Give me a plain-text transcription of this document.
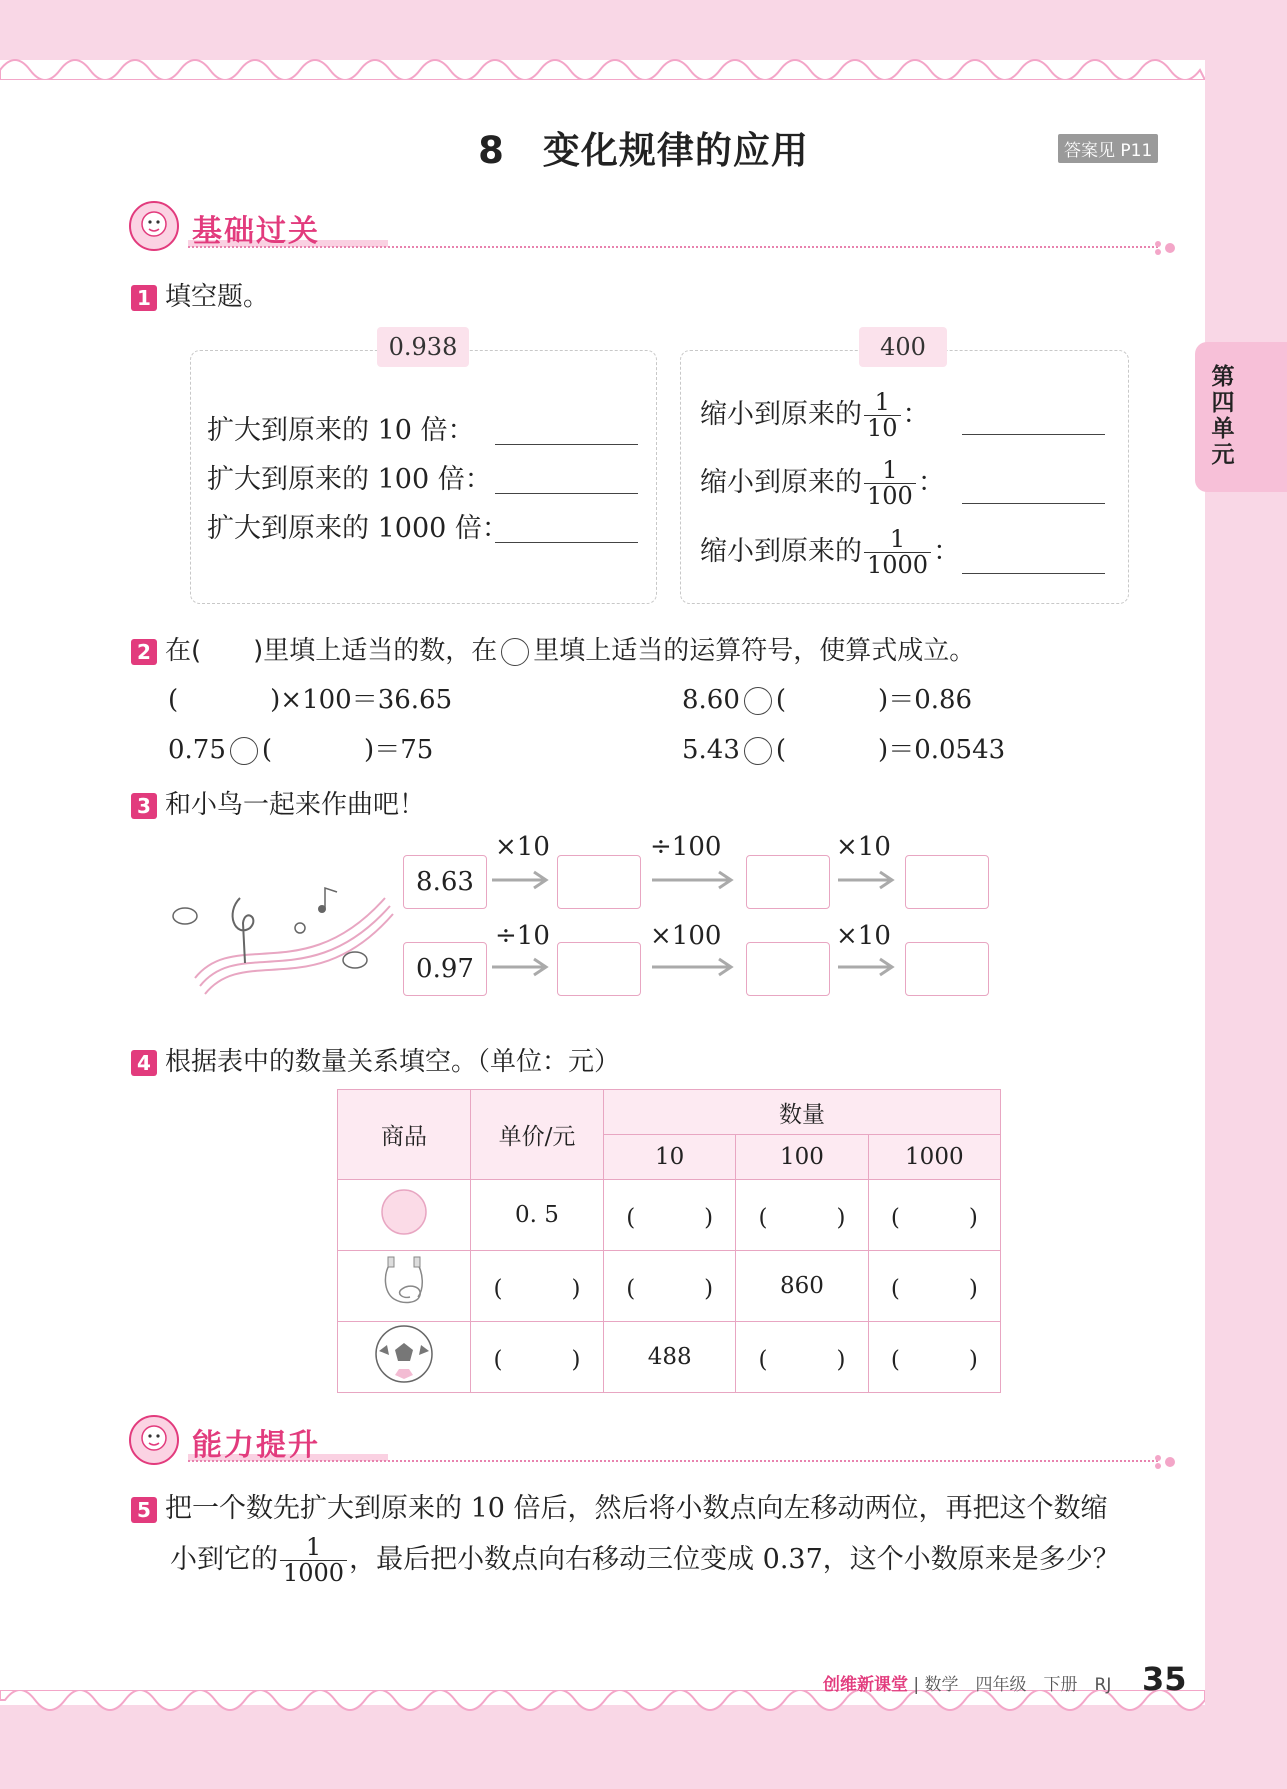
第四单元
8　变化规律的应用	答案见 P11
基础过关
1 填空题。
0.938
扩大到原来的 10 倍：
扩大到原来的 100 倍：
扩大到原来的 1000 倍：
400
缩小到原来的 $\frac{1}{10}$ ：
缩小到原来的 $\frac{1}{100}$ ：
缩小到原来的 $\frac{1}{1000}$ ：
2 在(　　)里填上适当的数，在 里填上适当的运算符号，使算式成立。
(	)×100＝36.65	8.60 (	)＝0.86
0.75 (	)＝75	5.43 (	)＝0.0543
3 和小鸟一起来作曲吧！
8.63
×10	÷100	×10
0.97
÷10	×100	×10
4 根据表中的数量关系填空。（单位：元）
商品	单价/元	数量		
		10	100	1000
	0. 5	(　　　)	(　　　)	(　　　)
	(　　　)	(　　　)	860	(　　　)
	(　　　)	488	(　　　)	(　　　)
能力提升
5 把一个数先扩大到原来的 10 倍后，然后将小数点向左移动两位，再把这个数缩
小到它的 $\frac{1}{1000}$ ，最后把小数点向右移动三位变成 0.37，这个小数原来是多少？
创维新课堂 | 数学　四年级　下册　RJ 35
